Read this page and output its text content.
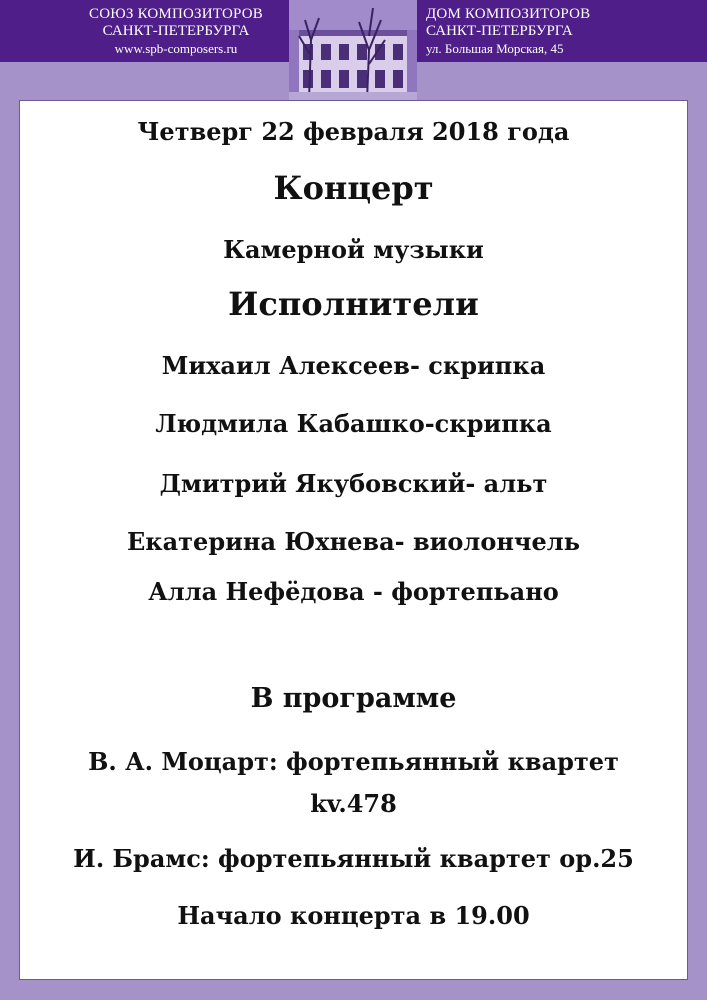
СОЮЗ КОМПОЗИТОРОВ
САНКТ-ПЕТЕРБУРГА
www.spb-composers.ru
ДОМ КОМПОЗИТОРОВ
САНКТ-ПЕТЕРБУРГА
ул. Большая Морская, 45
Четверг 22 февраля 2018 года
Концерт
Камерной музыки
Исполнители
Михаил Алексеев- скрипка
Людмила Кабашко-скрипка
Дмитрий Якубовский- альт
Екатерина Юхнева- виолончель
Алла Нефёдова - фортепьано
В программе
В. А. Моцарт: фортепьянный квартет
kv.478
И. Брамс: фортепьянный квартет op.25
Начало концерта в 19.00
